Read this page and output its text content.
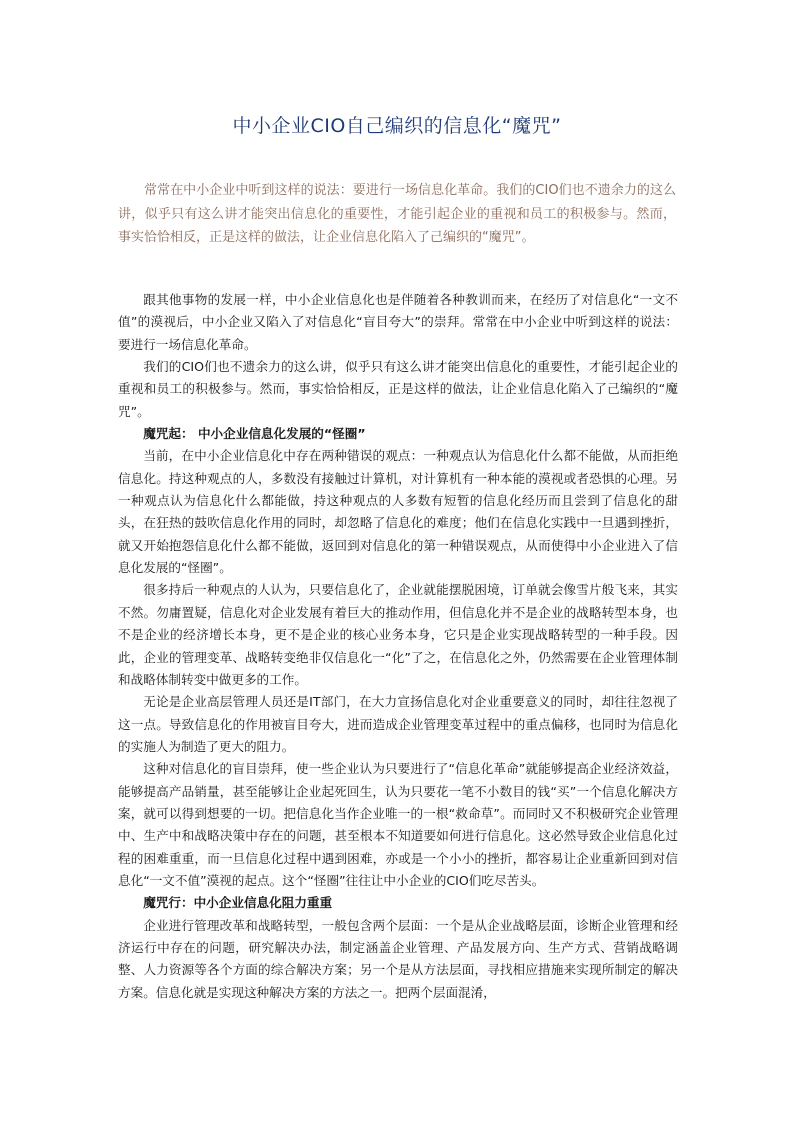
中小企业CIO自己编织的信息化“魔咒”
常常在中小企业中听到这样的说法：要进行一场信息化革命。我们的CIO们也不遗余力的这么讲，似乎只有这么讲才能突出信息化的重要性，才能引起企业的重视和员工的积极参与。然而，事实恰恰相反，正是这样的做法，让企业信息化陷入了己编织的“魔咒”。

跟其他事物的发展一样，中小企业信息化也是伴随着各种教训而来，在经历了对信息化“一文不值”的漠视后，中小企业又陷入了对信息化“盲目夸大”的崇拜。常常在中小企业中听到这样的说法：要进行一场信息化革命。

我们的CIO们也不遗余力的这么讲，似乎只有这么讲才能突出信息化的重要性，才能引起企业的重视和员工的积极参与。然而，事实恰恰相反，正是这样的做法，让企业信息化陷入了己编织的“魔咒”。

魔咒起： 中小企业信息化发展的“怪圈”

当前，在中小企业信息化中存在两种错误的观点：一种观点认为信息化什么都不能做，从而拒绝信息化。持这种观点的人，多数没有接触过计算机，对计算机有一种本能的漠视或者恐惧的心理。另一种观点认为信息化什么都能做，持这种观点的人多数有短暂的信息化经历而且尝到了信息化的甜头，在狂热的鼓吹信息化作用的同时，却忽略了信息化的难度；他们在信息化实践中一旦遇到挫折，就又开始抱怨信息化什么都不能做，返回到对信息化的第一种错误观点，从而使得中小企业进入了信息化发展的“怪圈”。

很多持后一种观点的人认为，只要信息化了，企业就能摆脱困境，订单就会像雪片般飞来，其实不然。勿庸置疑，信息化对企业发展有着巨大的推动作用，但信息化并不是企业的战略转型本身，也不是企业的经济增长本身，更不是企业的核心业务本身，它只是企业实现战略转型的一种手段。因此，企业的管理变革、战略转变绝非仅信息化一“化”了之，在信息化之外，仍然需要在企业管理体制和战略体制转变中做更多的工作。

无论是企业高层管理人员还是IT部门，在大力宣扬信息化对企业重要意义的同时，却往往忽视了这一点。导致信息化的作用被盲目夸大，进而造成企业管理变革过程中的重点偏移，也同时为信息化的实施人为制造了更大的阻力。

这种对信息化的盲目崇拜，使一些企业认为只要进行了“信息化革命”就能够提高企业经济效益，能够提高产品销量，甚至能够让企业起死回生，认为只要花一笔不小数目的钱“买”一个信息化解决方案，就可以得到想要的一切。把信息化当作企业唯一的一根“救命草”。而同时又不积极研究企业管理中、生产中和战略决策中存在的问题，甚至根本不知道要如何进行信息化。这必然导致企业信息化过程的困难重重，而一旦信息化过程中遇到困难，亦或是一个小小的挫折，都容易让企业重新回到对信息化“一文不值”漠视的起点。这个“怪圈”往往让中小企业的CIO们吃尽苦头。

魔咒行：中小企业信息化阻力重重

企业进行管理改革和战略转型，一般包含两个层面：一个是从企业战略层面，诊断企业管理和经济运行中存在的问题，研究解决办法，制定涵盖企业管理、产品发展方向、生产方式、营销战略调整、人力资源等各个方面的综合解决方案；另一个是从方法层面，寻找相应措施来实现所制定的解决方案。信息化就是实现这种解决方案的方法之一。把两个层面混淆，
